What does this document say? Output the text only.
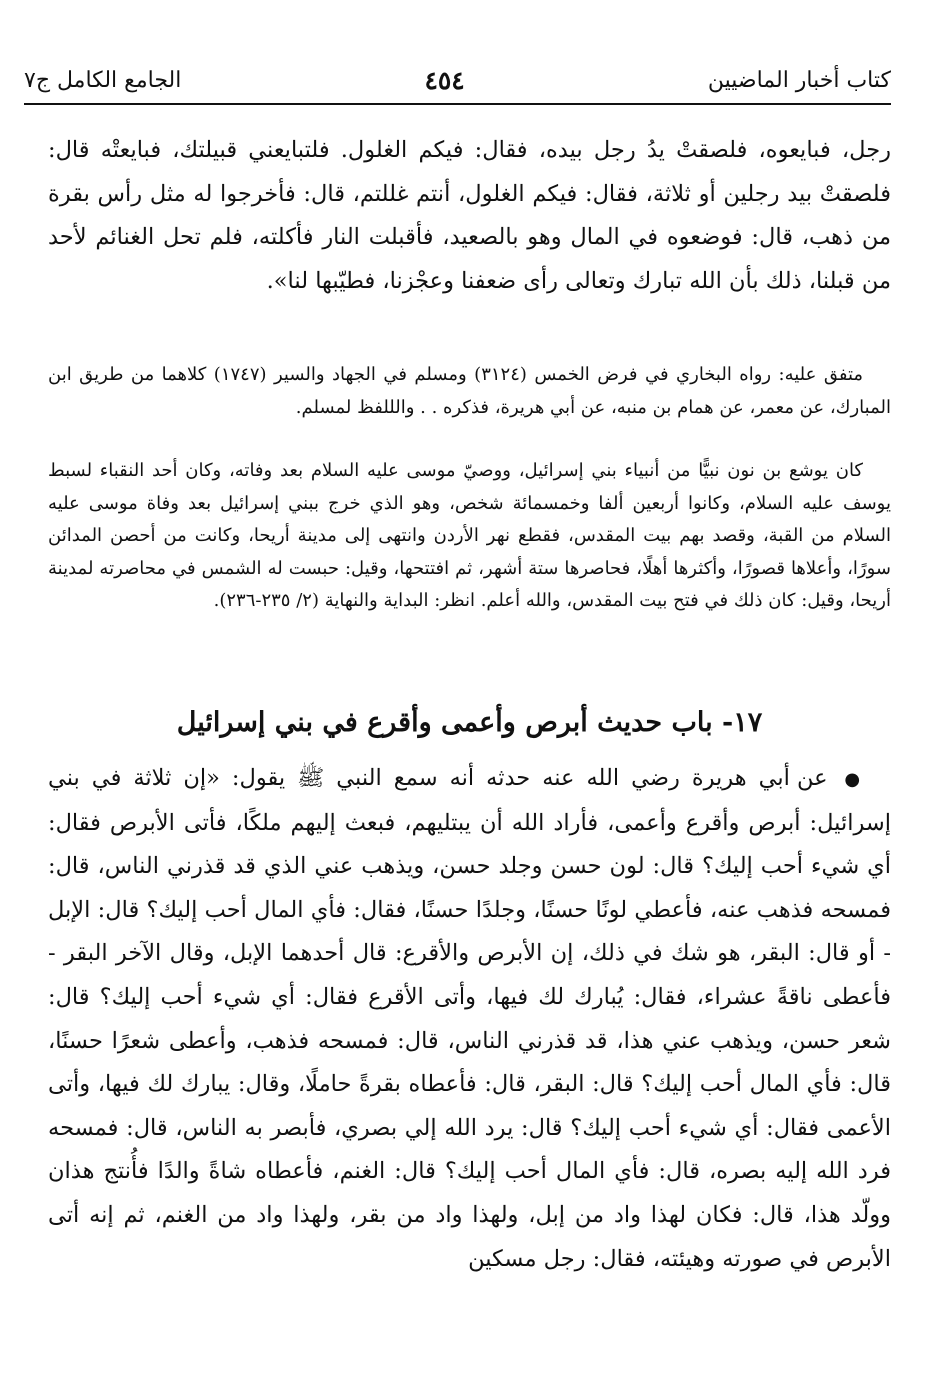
كتاب أخبار الماضيين
٤٥٤
الجامع الكامل ج٧
رجل، فبايعوه، فلصقتْ يدُ رجل بيده، فقال: فيكم الغلول. فلتبايعني قبيلتك، فبايعتْه قال: فلصقتْ بيد رجلين أو ثلاثة، فقال: فيكم الغلول، أنتم غللتم، قال: فأخرجوا له مثل رأس بقرة من ذهب، قال: فوضعوه في المال وهو بالصعيد، فأقبلت النار فأكلته، فلم تحل الغنائم لأحد من قبلنا، ذلك بأن الله تبارك وتعالى رأى ضعفنا وعجْزنا، فطيّبها لنا».
متفق عليه: رواه البخاري في فرض الخمس (٣١٢٤) ومسلم في الجهاد والسير (١٧٤٧) كلاهما من طريق ابن المبارك، عن معمر، عن همام بن منبه، عن أبي هريرة، فذكره . . والللفظ لمسلم.
كان يوشع بن نون نبيًّا من أنبياء بني إسرائيل، ووصيّ موسى عليه السلام بعد وفاته، وكان أحد النقباء لسبط يوسف عليه السلام، وكانوا أربعين ألفا وخمسمائة شخص، وهو الذي خرج ببني إسرائيل بعد وفاة موسى عليه السلام من القبة، وقصد بهم بيت المقدس، فقطع نهر الأردن وانتهى إلى مدينة أريحا، وكانت من أحصن المدائن سورًا، وأعلاها قصورًا، وأكثرها أهلًا، فحاصرها ستة أشهر، ثم افتتحها، وقيل: حبست له الشمس في محاصرته لمدينة أريحا، وقيل: كان ذلك في فتح بيت المقدس، والله أعلم. انظر: البداية والنهاية (٢/ ٢٣٥-٢٣٦).
١٧- باب حديث أبرص وأعمى وأقرع في بني إسرائيل
● عن أبي هريرة رضي الله عنه حدثه أنه سمع النبي ﷺ يقول: «إن ثلاثة في بني إسرائيل: أبرص وأقرع وأعمى، فأراد الله أن يبتليهم، فبعث إليهم ملكًا، فأتى الأبرص فقال: أي شيء أحب إليك؟ قال: لون حسن وجلد حسن، ويذهب عني الذي قد قذرني الناس، قال: فمسحه فذهب عنه، فأعطي لونًا حسنًا، وجلدًا حسنًا، فقال: فأي المال أحب إليك؟ قال: الإبل - أو قال: البقر، هو شك في ذلك، إن الأبرص والأقرع: قال أحدهما الإبل، وقال الآخر البقر - فأعطى ناقةً عشراء، فقال: يُبارك لك فيها، وأتى الأقرع فقال: أي شيء أحب إليك؟ قال: شعر حسن، ويذهب عني هذا، قد قذرني الناس، قال: فمسحه فذهب، وأعطى شعرًا حسنًا، قال: فأي المال أحب إليك؟ قال: البقر، قال: فأعطاه بقرةً حاملًا، وقال: يبارك لك فيها، وأتى الأعمى فقال: أي شيء أحب إليك؟ قال: يرد الله إلي بصري، فأبصر به الناس، قال: فمسحه فرد الله إليه بصره، قال: فأي المال أحب إليك؟ قال: الغنم، فأعطاه شاةً والدًا فأُنتج هذان وولّد هذا، قال: فكان لهذا واد من إبل، ولهذا واد من بقر، ولهذا واد من الغنم، ثم إنه أتى الأبرص في صورته وهيئته، فقال: رجل مسكين
